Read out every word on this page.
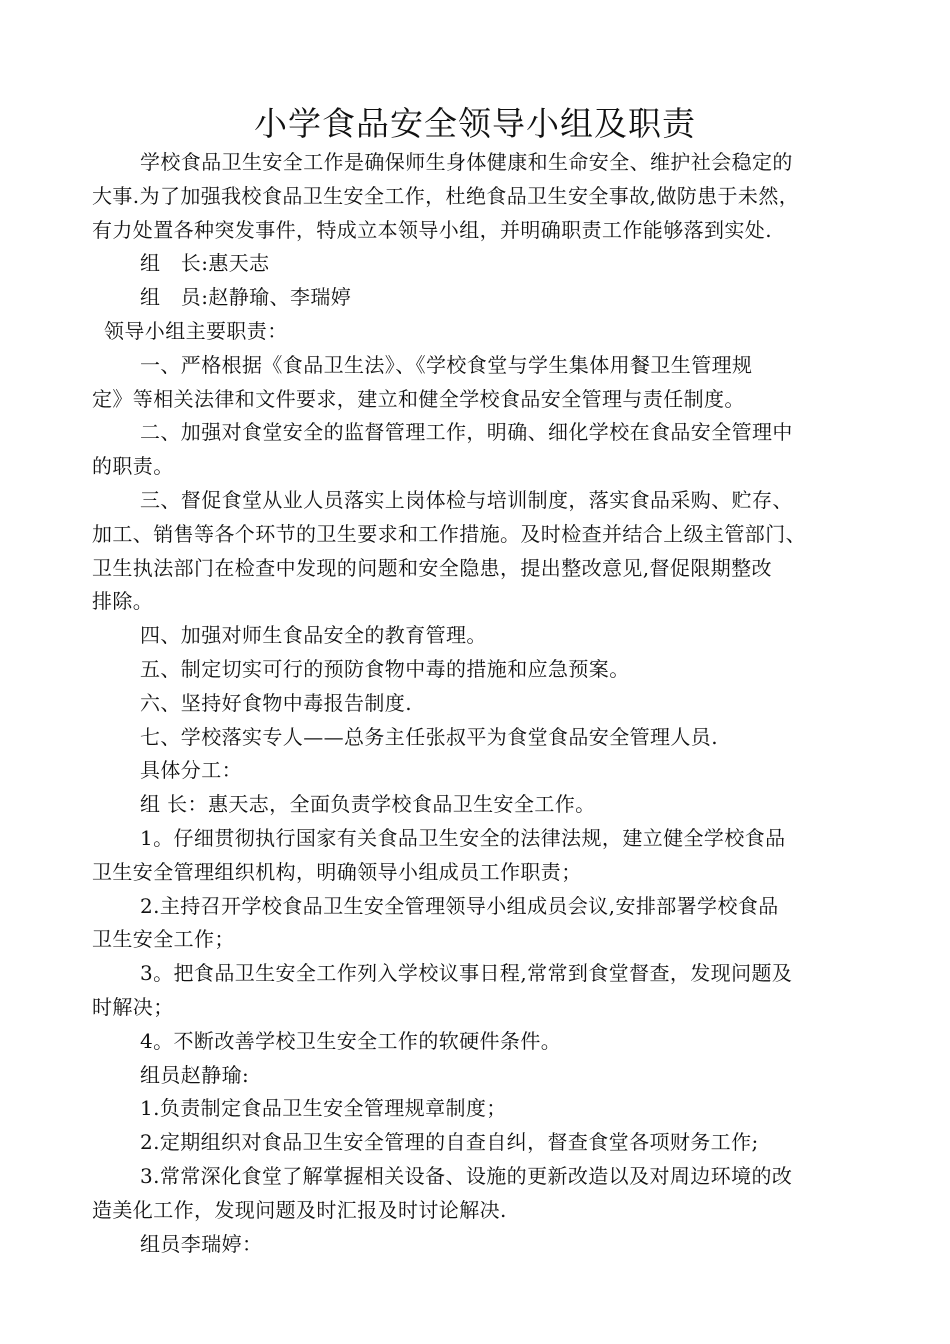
小学食品安全领导小组及职责
学校食品卫生安全工作是确保师生身体健康和生命安全、维护社会稳定的
大事.为了加强我校食品卫生安全工作，杜绝食品卫生安全事故,做防患于未然，
有力处置各种突发事件，特成立本领导小组，并明确职责工作能够落到实处.
组　长:惠天志
组　员:赵静瑜、李瑞婷
领导小组主要职责：
一、严格根据《食品卫生法》、《学校食堂与学生集体用餐卫生管理规
定》等相关法律和文件要求，建立和健全学校食品安全管理与责任制度。
二、加强对食堂安全的监督管理工作，明确、细化学校在食品安全管理中
的职责。
三、督促食堂从业人员落实上岗体检与培训制度，落实食品采购、贮存、
加工、销售等各个环节的卫生要求和工作措施。及时检查并结合上级主管部门、
卫生执法部门在检查中发现的问题和安全隐患，提出整改意见,督促限期整改
排除。
四、加强对师生食品安全的教育管理。
五、制定切实可行的预防食物中毒的措施和应急预案。
六、坚持好食物中毒报告制度.
七、学校落实专人——总务主任张叔平为食堂食品安全管理人员.
具体分工：
组 长：惠天志，全面负责学校食品卫生安全工作。
1。仔细贯彻执行国家有关食品卫生安全的法律法规，建立健全学校食品
卫生安全管理组织机构，明确领导小组成员工作职责；
2.主持召开学校食品卫生安全管理领导小组成员会议,安排部署学校食品
卫生安全工作；
3。把食品卫生安全工作列入学校议事日程,常常到食堂督查，发现问题及
时解决；
4。不断改善学校卫生安全工作的软硬件条件。
组员赵静瑜:
1.负责制定食品卫生安全管理规章制度；
2.定期组织对食品卫生安全管理的自查自纠，督查食堂各项财务工作;
3.常常深化食堂了解掌握相关设备、设施的更新改造以及对周边环境的改
造美化工作，发现问题及时汇报及时讨论解决.
组员李瑞婷：
